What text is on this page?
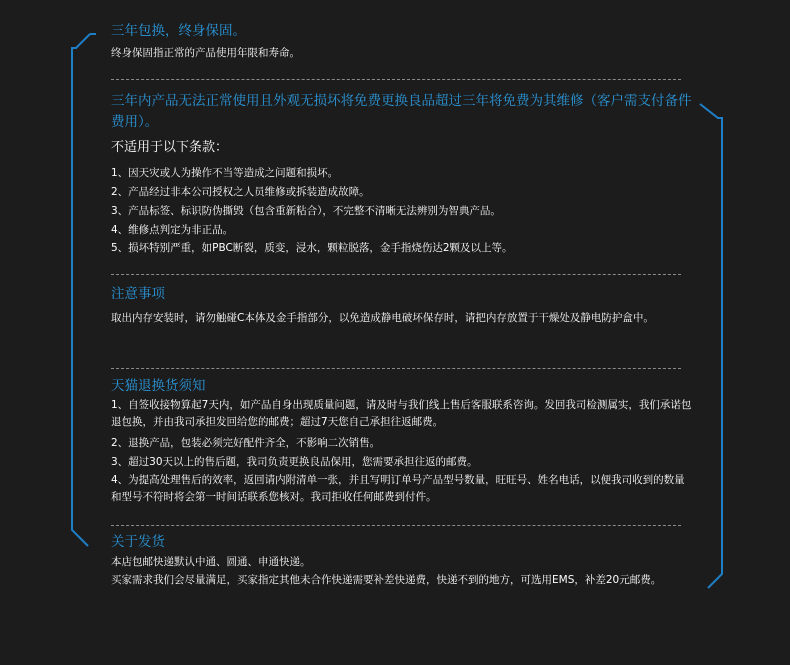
三年包换，终身保固。
终身保固指正常的产品使用年限和寿命。
三年内产品无法正常使用且外观无损坏将免费更换良品超过三年将免费为其维修（客户需支付备件费用）。
不适用于以下条款：
1、因天灾或人为操作不当等造成之问题和损坏。
2、产品经过非本公司授权之人员维修或拆装造成故障。
3、产品标签、标识防伪撕毁（包含重新粘合），不完整不清晰无法辨别为智典产品。
4、维修点判定为非正品。
5、损坏特别严重，如PBC断裂，质变，浸水，颗粒脱落，金手指烧伤达2颗及以上等。
注意事项
取出内存安装时，请勿触碰C本体及金手指部分，以免造成静电破坏保存时，请把内存放置于干燥处及静电防护盒中。
天猫退换货须知
1、自签收接物算起7天内，如产品自身出现质量问题，请及时与我们线上售后客服联系咨询。发回我司检测属实，我们承诺包退包换，并由我司承担发回给您的邮费；超过7天您自己承担往返邮费。
2、退换产品，包装必须完好配件齐全，不影响二次销售。
3、超过30天以上的售后题，我司负责更换良品保用，您需要承担往返的邮费。
4、为提高处理售后的效率，返回请内附清单一张，并且写明订单号产品型号数量，旺旺号、姓名电话，以便我司收到的数量和型号不符时将会第一时间话联系您核对。我司拒收任何邮费到付件。
关于发货
本店包邮快递默认中通、圆通、申通快递。
买家需求我们会尽量满足，买家指定其他未合作快递需要补差快递费，快递不到的地方，可选用EMS，补差20元邮费。
